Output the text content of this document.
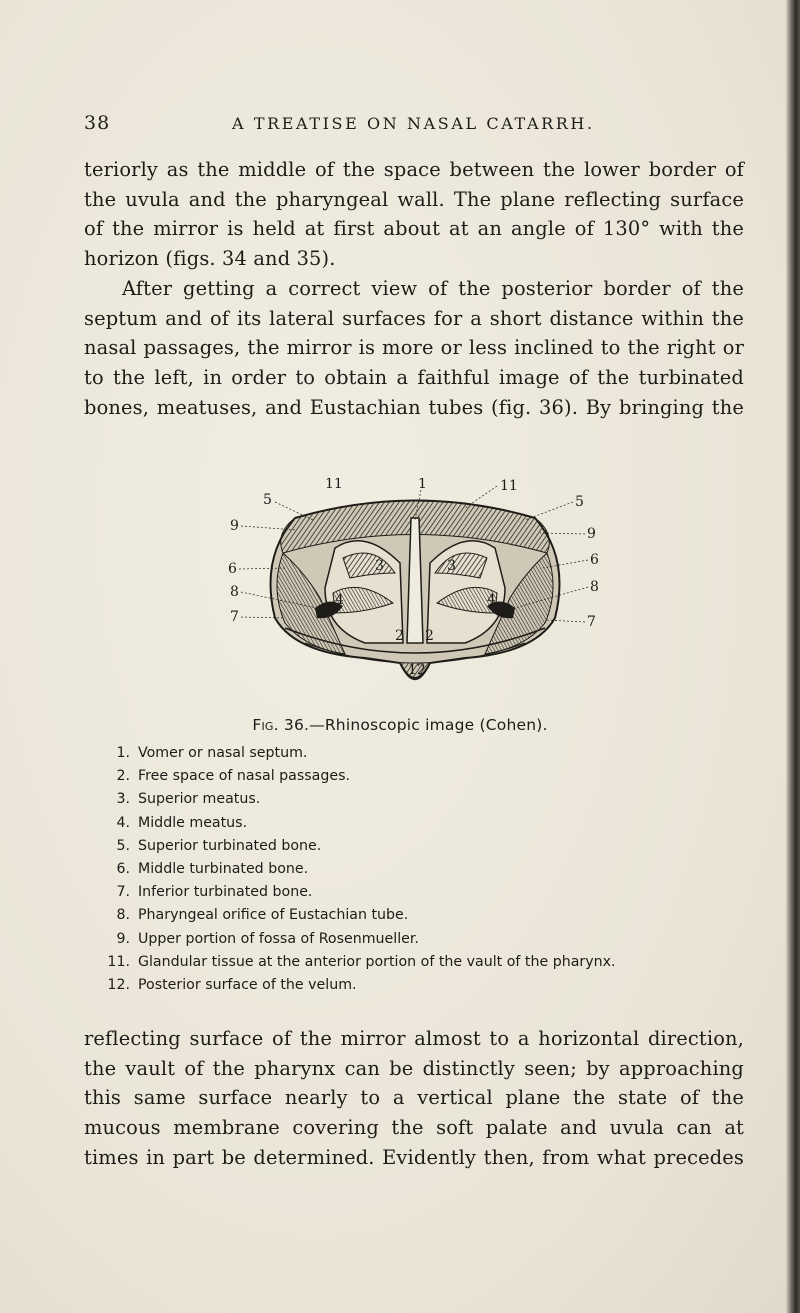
38	A TREATISE ON NASAL CATARRH.

teriorly as the middle of the space between the lower border of the uvula and the pharyngeal wall. The plane reflecting surface of the mirror is held at first about at an angle of 130° with the horizon (figs. 34 and 35).

After getting a correct view of the posterior border of the septum and of its lateral surfaces for a short distance within the nasal passages, the mirror is more or less inclined to the right or to the left, in order to obtain a faithful image of the turbinated bones, meatuses, and Eustachian tubes (fig. 36). By bringing the

11	1	11
5
9
6
8
7
5
9
6
8
7
3	3
4	4
2 2
12
Fig. 36.—Rhinoscopic image (Cohen).
1. Vomer or nasal septum.
2. Free space of nasal passages.
3. Superior meatus.
4. Middle meatus.
5. Superior turbinated bone.
6. Middle turbinated bone.
7. Inferior turbinated bone.
8. Pharyngeal orifice of Eustachian tube.
9. Upper portion of fossa of Rosenmueller.
11. Glandular tissue at the anterior portion of the vault of the pharynx.
12. Posterior surface of the velum.

reflecting surface of the mirror almost to a horizontal direction, the vault of the pharynx can be distinctly seen; by approaching this same surface nearly to a vertical plane the state of the mucous membrane covering the soft palate and uvula can at times in part be determined. Evidently then, from what precedes
